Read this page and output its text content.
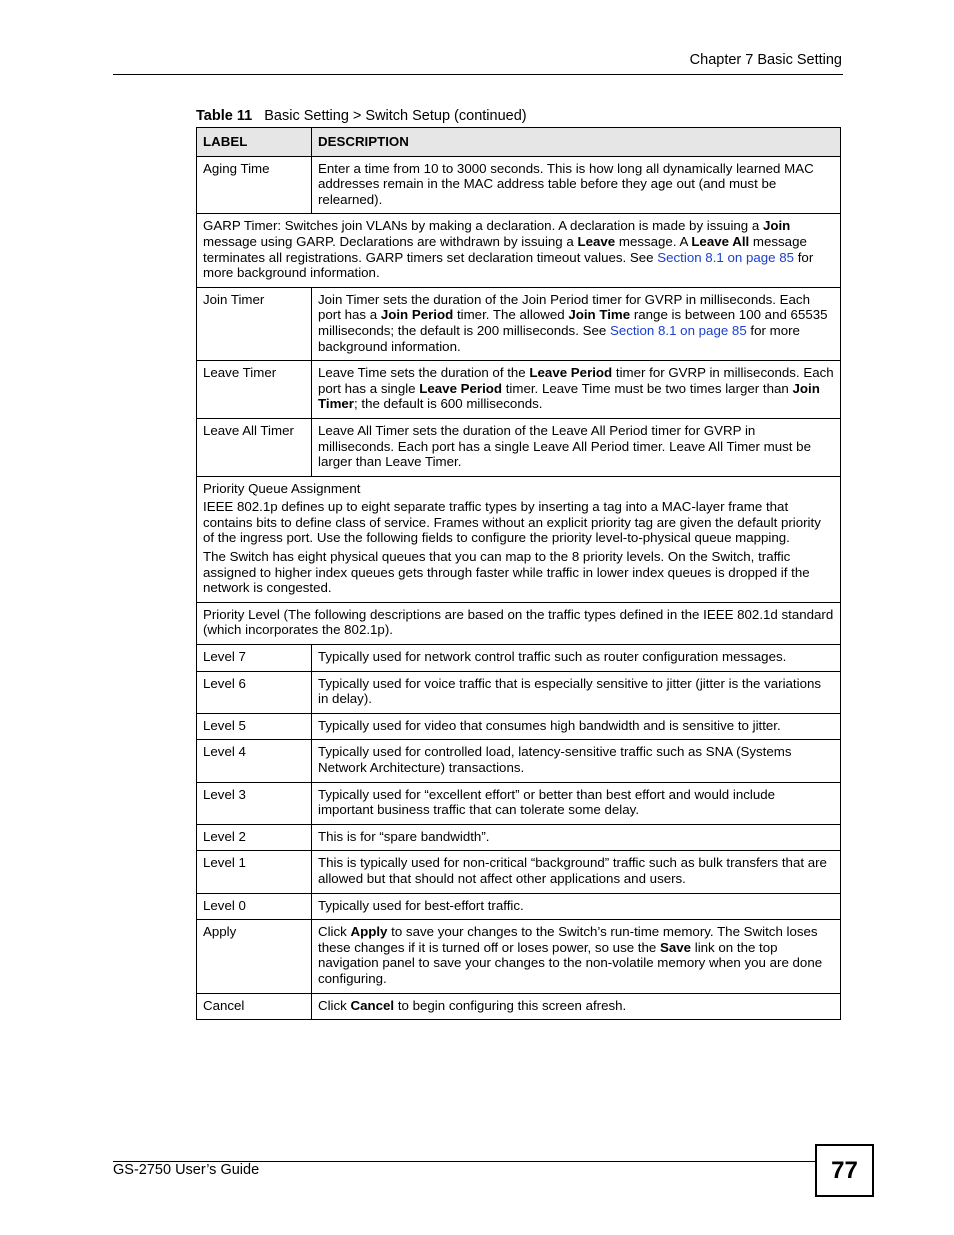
Chapter 7 Basic Setting
Table 11 Basic Setting > Switch Setup (continued)
LABEL	DESCRIPTION
Aging Time	Enter a time from 10 to 3000 seconds. This is how long all dynamically learned MAC addresses remain in the MAC address table before they age out (and must be relearned).
GARP Timer: Switches join VLANs by making a declaration. A declaration is made by issuing a Join message using GARP. Declarations are withdrawn by issuing a Leave message. A Leave All message terminates all registrations. GARP timers set declaration timeout values. See Section 8.1 on page 85 for more background information.	
Join Timer	Join Timer sets the duration of the Join Period timer for GVRP in milliseconds. Each port has a Join Period timer. The allowed Join Time range is between 100 and 65535 milliseconds; the default is 200 milliseconds. See Section 8.1 on page 85 for more background information.
Leave Timer	Leave Time sets the duration of the Leave Period timer for GVRP in milliseconds. Each port has a single Leave Period timer. Leave Time must be two times larger than Join Timer; the default is 600 milliseconds.
Leave All Timer	Leave All Timer sets the duration of the Leave All Period timer for GVRP in milliseconds. Each port has a single Leave All Period timer. Leave All Timer must be larger than Leave Timer.

Priority Queue Assignment

IEEE 802.1p defines up to eight separate traffic types by inserting a tag into a MAC-layer frame that contains bits to define class of service. Frames without an explicit priority tag are given the default priority of the ingress port. Use the following fields to configure the priority level-to-physical queue mapping.

The Switch has eight physical queues that you can map to the 8 priority levels. On the Switch, traffic assigned to higher index queues gets through faster while traffic in lower index queues is dropped if the network is congested.	

Priority Level (The following descriptions are based on the traffic types defined in the IEEE 802.1d standard (which incorporates the 802.1p).	
Level 7	Typically used for network control traffic such as router configuration messages.
Level 6	Typically used for voice traffic that is especially sensitive to jitter (jitter is the variations in delay).
Level 5	Typically used for video that consumes high bandwidth and is sensitive to jitter.
Level 4	Typically used for controlled load, latency-sensitive traffic such as SNA (Systems Network Architecture) transactions.
Level 3	Typically used for “excellent effort” or better than best effort and would include important business traffic that can tolerate some delay.
Level 2	This is for “spare bandwidth”.
Level 1	This is typically used for non-critical “background” traffic such as bulk transfers that are allowed but that should not affect other applications and users.
Level 0	Typically used for best-effort traffic.
Apply	Click Apply to save your changes to the Switch’s run-time memory. The Switch loses these changes if it is turned off or loses power, so use the Save link on the top navigation panel to save your changes to the non-volatile memory when you are done configuring.
Cancel	Click Cancel to begin configuring this screen afresh.
GS-2750 User’s Guide	77
